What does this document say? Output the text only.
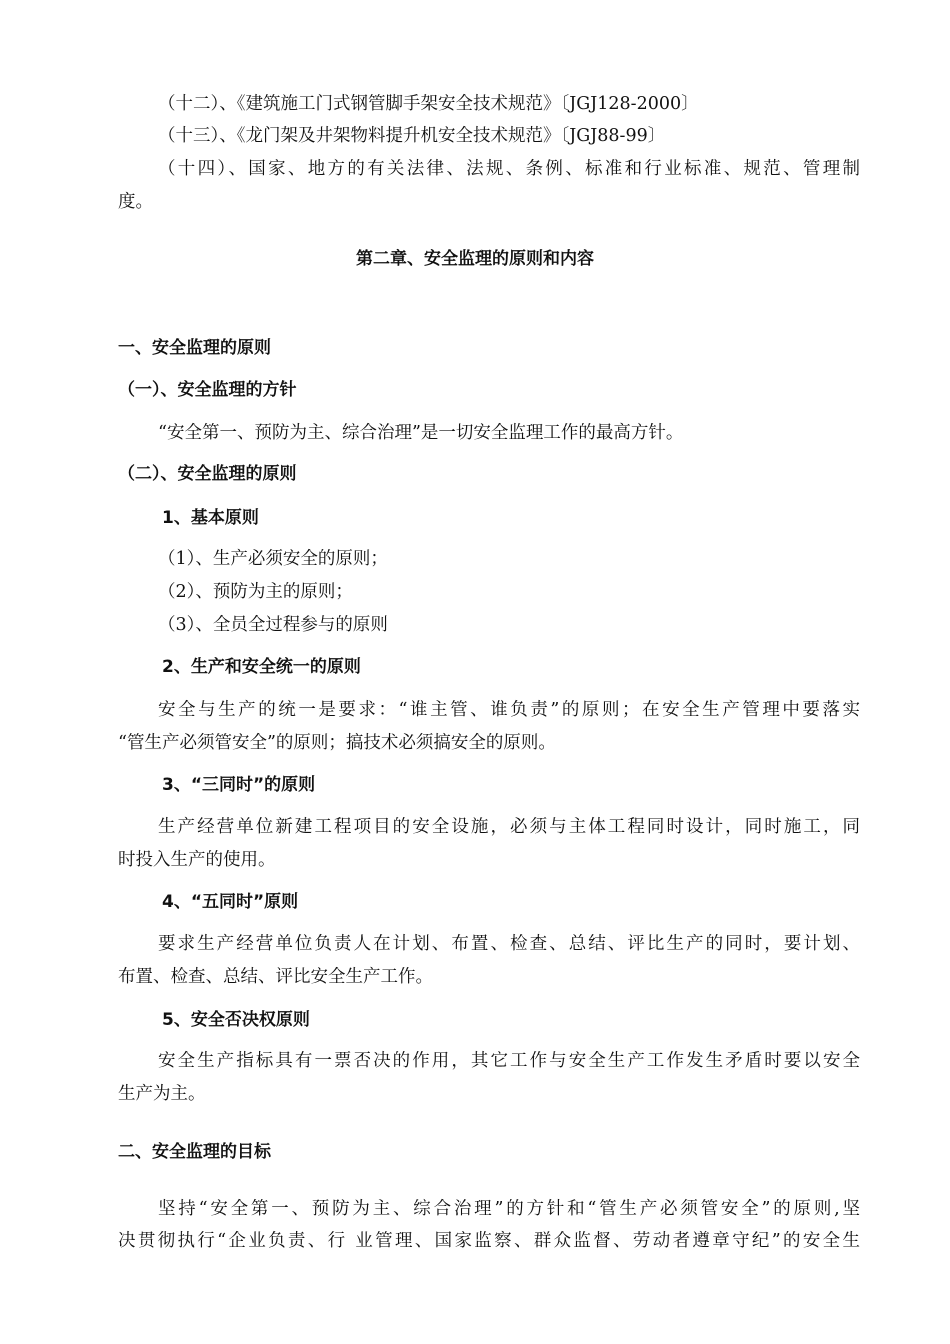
（十二）、《建筑施工门式钢管脚手架安全技术规范》〔JGJ128-2000〕
（十三）、《龙门架及井架物料提升机安全技术规范》〔JGJ88-99〕
（十四）、国家、地方的有关法律、法规、条例、标准和行业标准、规范、管理制
度。
第二章、安全监理的原则和内容
一、安全监理的原则
（一）、安全监理的方针
“安全第一、预防为主、综合治理”是一切安全监理工作的最高方针。
（二）、安全监理的原则
1、基本原则
（1）、生产必须安全的原则；
（2）、预防为主的原则；
（3）、全员全过程参与的原则
2、生产和安全统一的原则
安全与生产的统一是要求：“谁主管、谁负责”的原则；在安全生产管理中要落实
“管生产必须管安全”的原则；搞技术必须搞安全的原则。
3、“三同时”的原则
生产经营单位新建工程项目的安全设施，必须与主体工程同时设计，同时施工，同
时投入生产的使用。
4、“五同时”原则
要求生产经营单位负责人在计划、布置、检查、总结、评比生产的同时，要计划、
布置、检查、总结、评比安全生产工作。
5、安全否决权原则
安全生产指标具有一票否决的作用，其它工作与安全生产工作发生矛盾时要以安全
生产为主。
二、安全监理的目标
坚持“安全第一、预防为主、综合治理”的方针和“管生产必须管安全”的原则,坚
决贯彻执行“企业负责、行 业管理、国家监察、群众监督、劳动者遵章守纪”的安全生
